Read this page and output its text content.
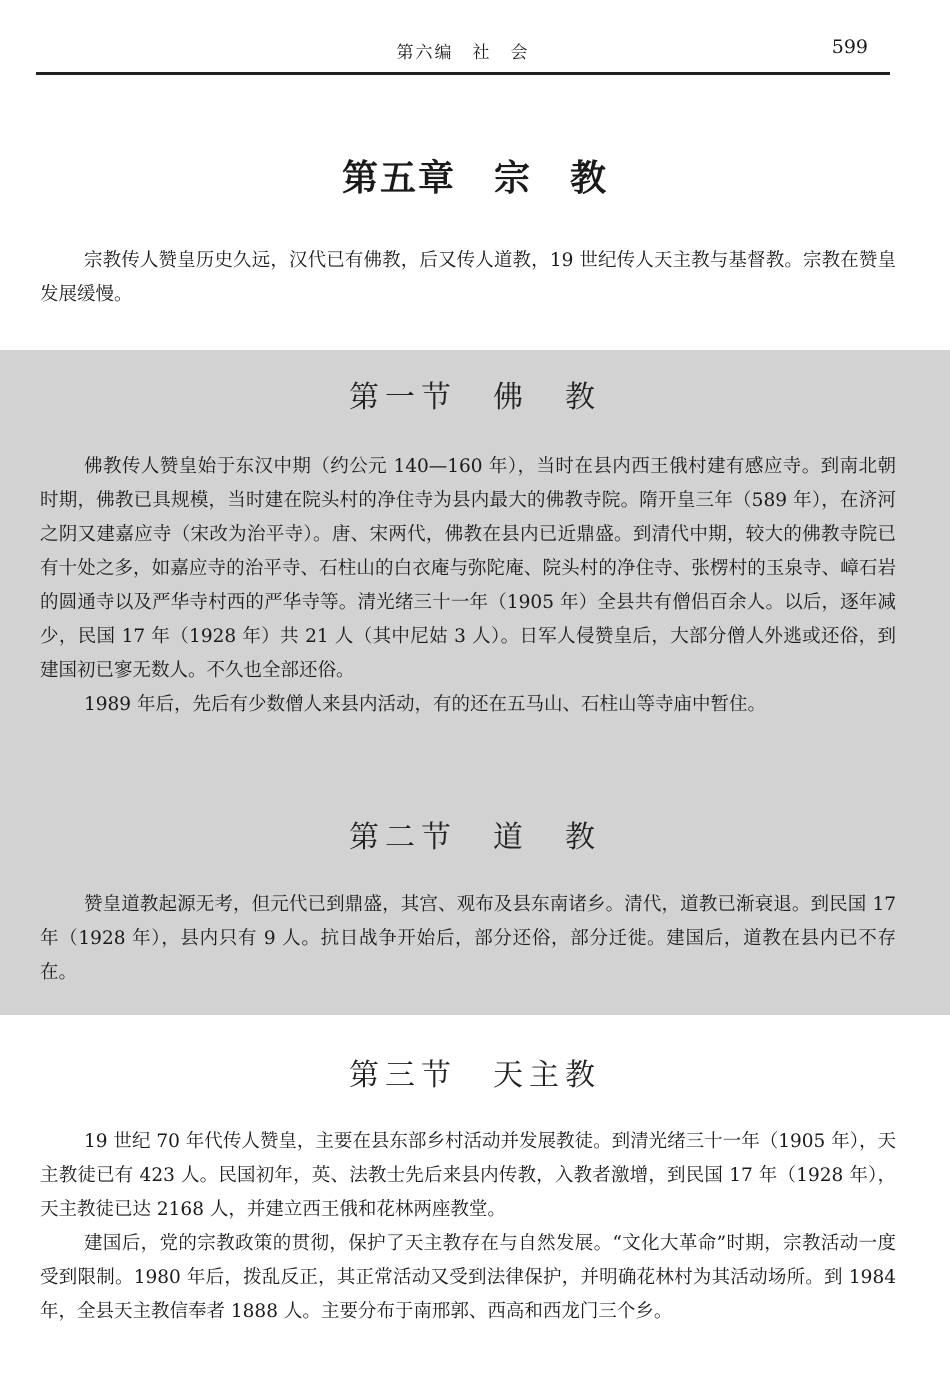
第六编　社　会	599
第五章　宗　教

宗教传人赞皇历史久远，汉代已有佛教，后又传人道教，19 世纪传人天主教与基督教。宗教在赞皇发展缓慢。

第一节　佛　教

佛教传人赞皇始于东汉中期（约公元 140—160 年），当时在县内西王俄村建有感应寺。到南北朝时期，佛教已具规模，当时建在院头村的净住寺为县内最大的佛教寺院。隋开皇三年（589 年），在济河之阴又建嘉应寺（宋改为治平寺）。唐、宋两代，佛教在县内已近鼎盛。到清代中期，较大的佛教寺院已有十处之多，如嘉应寺的治平寺、石柱山的白衣庵与弥陀庵、院头村的净住寺、张楞村的玉泉寺、嶂石岩的圆通寺以及严华寺村西的严华寺等。清光绪三十一年（1905 年）全县共有僧侣百余人。以后，逐年减少，民国 17 年（1928 年）共 21 人（其中尼姑 3 人）。日军人侵赞皇后，大部分僧人外逃或还俗，到建国初已寥无数人。不久也全部还俗。

1989 年后，先后有少数僧人来县内活动，有的还在五马山、石柱山等寺庙中暂住。

第二节　道　教

赞皇道教起源无考，但元代已到鼎盛，其宫、观布及县东南诸乡。清代，道教已渐衰退。到民国 17 年（1928 年），县内只有 9 人。抗日战争开始后，部分还俗，部分迁徙。建国后，道教在县内已不存在。

第三节　天主教

19 世纪 70 年代传人赞皇，主要在县东部乡村活动并发展教徒。到清光绪三十一年（1905 年），天主教徒已有 423 人。民国初年，英、法教士先后来县内传教，入教者激增，到民国 17 年（1928 年），天主教徒已达 2168 人，并建立西王俄和花林两座教堂。

建国后，党的宗教政策的贯彻，保护了天主教存在与自然发展。“文化大革命”时期，宗教活动一度受到限制。1980 年后，拨乱反正，其正常活动又受到法律保护，并明确花林村为其活动场所。到 1984 年，全县天主教信奉者 1888 人。主要分布于南邢郭、西高和西龙门三个乡。
